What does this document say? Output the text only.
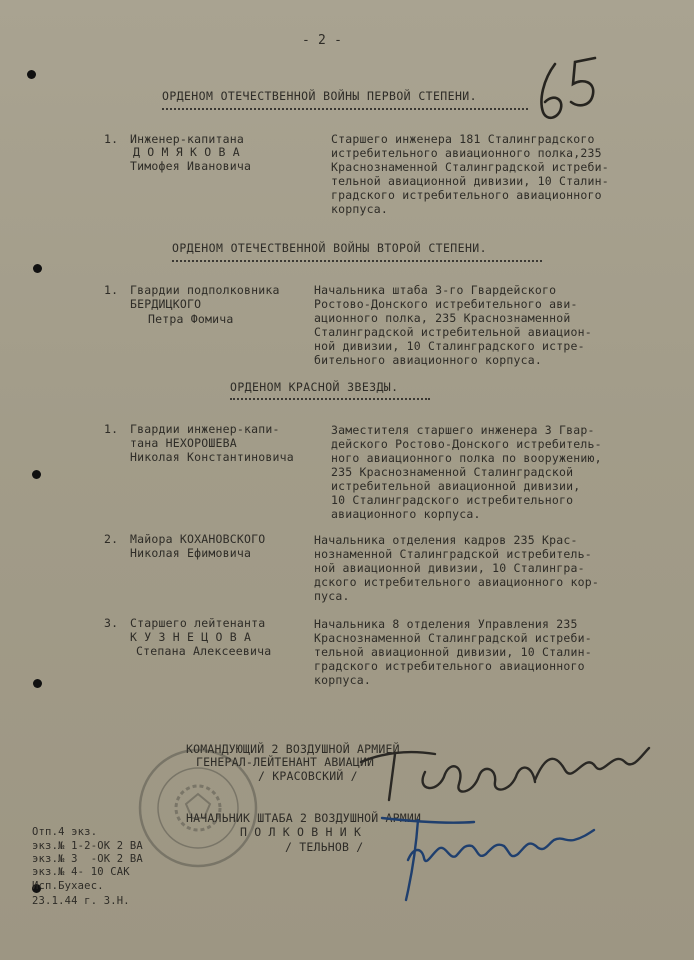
- 2 -
ОРДЕНОМ ОТЕЧЕСТВЕННОЙ ВОЙНЫ ПЕРВОЙ СТЕПЕНИ.
1. Инженер-капитана
Д О М Я К О В А
Тимофея Ивановича
Старшего инженера 181 Сталинградского
истребительного авиационного полка,235
Краснознаменной Сталинградской истреби-
тельной авиационной дивизии, 10 Сталин-
градского истребительного авиационного
корпуса.
ОРДЕНОМ ОТЕЧЕСТВЕННОЙ ВОЙНЫ ВТОРОЙ СТЕПЕНИ.
1. Гвардии подполковника
БЕРДИЦКОГО
Петра Фомича
Начальника штаба 3-го Гвардейского
Ростово-Донского истребительного ави-
ационного полка, 235 Краснознаменной
Сталинградской истребительной авиацион-
ной дивизии, 10 Сталинградского истре-
бительного авиационного корпуса.
ОРДЕНОМ КРАСНОЙ ЗВЕЗДЫ.
1. Гвардии инженер-капи-
тана НЕХОРОШЕВА
Николая Константиновича
Заместителя старшего инженера 3 Гвар-
дейского Ростово-Донского истребитель-
ного авиационного полка по вооружению,
235 Краснознаменной Сталинградской
истребительной авиационной дивизии,
10 Сталинградского истребительного
авиационного корпуса.
2. Майора КОХАНОВСКОГО
Николая Ефимовича
Начальника отделения кадров 235 Крас-
нознаменной Сталинградской истребитель-
ной авиационной дивизии, 10 Сталингра-
дского истребительного авиационного кор-
пуса.
3. Старшего лейтенанта
К У З Н Е Ц О В А
Степана Алексеевича
Начальника 8 отделения Управления 235
Краснознаменной Сталинградской истреби-
тельной авиационной дивизии, 10 Сталин-
градского истребительного авиационного
корпуса.
КОМАНДУЮЩИЙ 2 ВОЗДУШНОЙ АРМИЕЙ
ГЕНЕРАЛ-ЛЕЙТЕНАНТ АВИАЦИИ
/ КРАСОВСКИЙ /
НАЧАЛЬНИК ШТАБА 2 ВОЗДУШНОЙ АРМИИ
П О Л К О В Н И К
/ ТЕЛЬНОВ /
Отп.4 экз.
экз.№ 1-2-ОК 2 ВА
экз.№ 3  -ОК 2 ВА
экз.№ 4- 10 САК
Исп.Бухаес.
23.1.44 г. З.Н.
